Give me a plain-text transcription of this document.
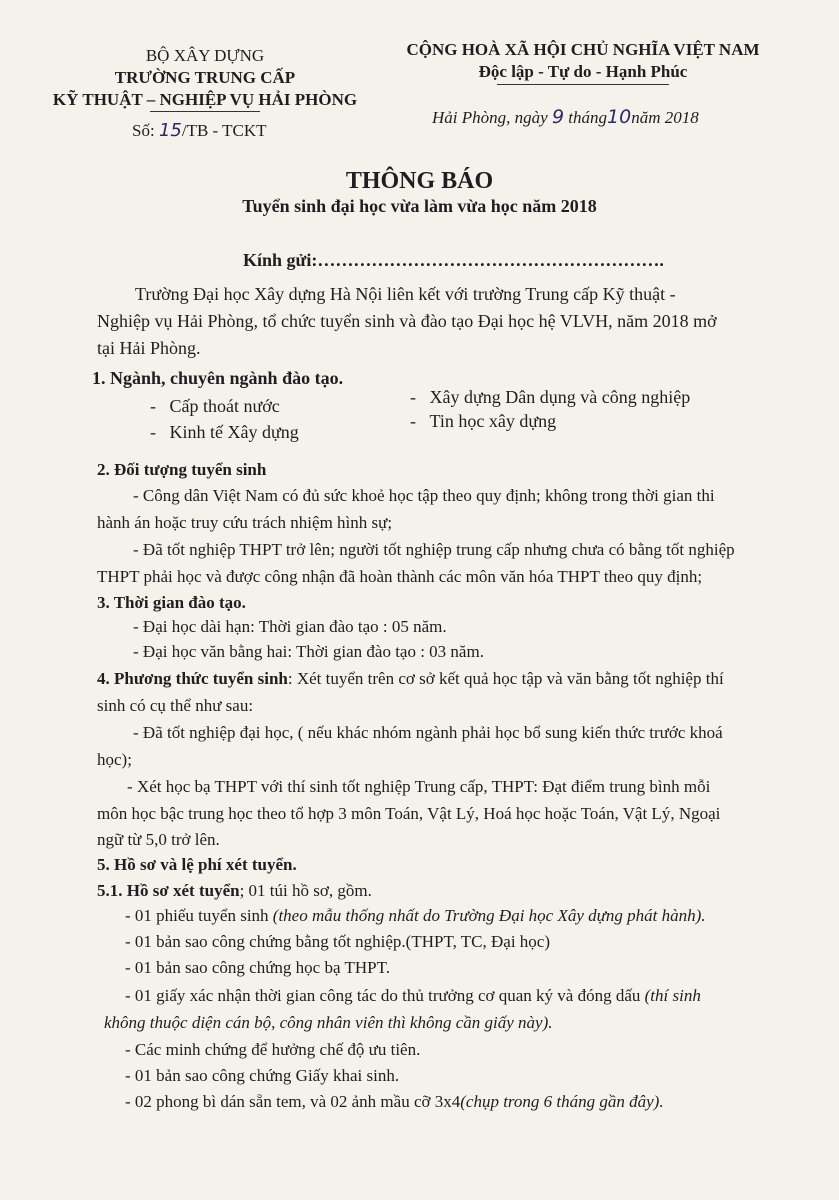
BỘ XÂY DỰNG
TRƯỜNG TRUNG CẤP
KỸ THUẬT – NGHIỆP VỤ HẢI PHÒNG
Số: 15/TB - TCKT
CỘNG HOÀ XÃ HỘI CHỦ NGHĨA VIỆT NAM
Độc lập - Tự do - Hạnh Phúc
Hải Phòng, ngày 9 tháng10năm 2018
THÔNG BÁO
Tuyển sinh đại học vừa làm vừa học năm 2018
Kính gửi:………………………………………………….
Trường Đại học Xây dựng Hà Nội liên kết với trường Trung cấp Kỹ thuật -
Nghiệp vụ Hải Phòng, tổ chức tuyển sinh và đào tạo Đại học hệ VLVH, năm 2018 mở
tại Hải Phòng.
1. Ngành, chuyên ngành đào tạo.
- Cấp thoát nước	- Xây dựng Dân dụng và công nghiệp
- Kinh tế Xây dựng
- Tin học xây dựng
2. Đối tượng tuyển sinh
- Công dân Việt Nam có đủ sức khoẻ học tập theo quy định; không trong thời gian thi
hành án hoặc truy cứu trách nhiệm hình sự;
- Đã tốt nghiệp THPT trở lên; người tốt nghiệp trung cấp nhưng chưa có bằng tốt nghiệp
THPT phải học và được công nhận đã hoàn thành các môn văn hóa THPT theo quy định;
3. Thời gian đào tạo.
- Đại học dài hạn: Thời gian đào tạo : 05 năm.
- Đại học văn bằng hai: Thời gian đào tạo : 03 năm.
4. Phương thức tuyển sinh: Xét tuyển trên cơ sở kết quả học tập và văn bằng tốt nghiệp thí
sinh có cụ thể như sau:
- Đã tốt nghiệp đại học, ( nếu khác nhóm ngành phải học bổ sung kiến thức trước khoá
học);
- Xét học bạ THPT với thí sinh tốt nghiệp Trung cấp, THPT: Đạt điểm trung bình mỗi
môn học bậc trung học theo tổ hợp 3 môn Toán, Vật Lý, Hoá học hoặc Toán, Vật Lý, Ngoại
ngữ từ 5,0 trở lên.
5. Hồ sơ và lệ phí xét tuyển.
5.1. Hồ sơ xét tuyển; 01 túi hồ sơ, gồm.
- 01 phiếu tuyển sinh (theo mẫu thống nhất do Trường Đại học Xây dựng phát hành).
- 01 bản sao công chứng bằng tốt nghiệp.(THPT, TC, Đại học)
- 01 bản sao công chứng học bạ THPT.
- 01 giấy xác nhận thời gian công tác do thủ trưởng cơ quan ký và đóng dấu (thí sinh
không thuộc diện cán bộ, công nhân viên thì không cần giấy này).
- Các minh chứng để hưởng chế độ ưu tiên.
- 01 bản sao công chứng Giấy khai sinh.
- 02 phong bì dán sẵn tem, và 02 ảnh mầu cỡ 3x4(chụp trong 6 tháng gần đây).
